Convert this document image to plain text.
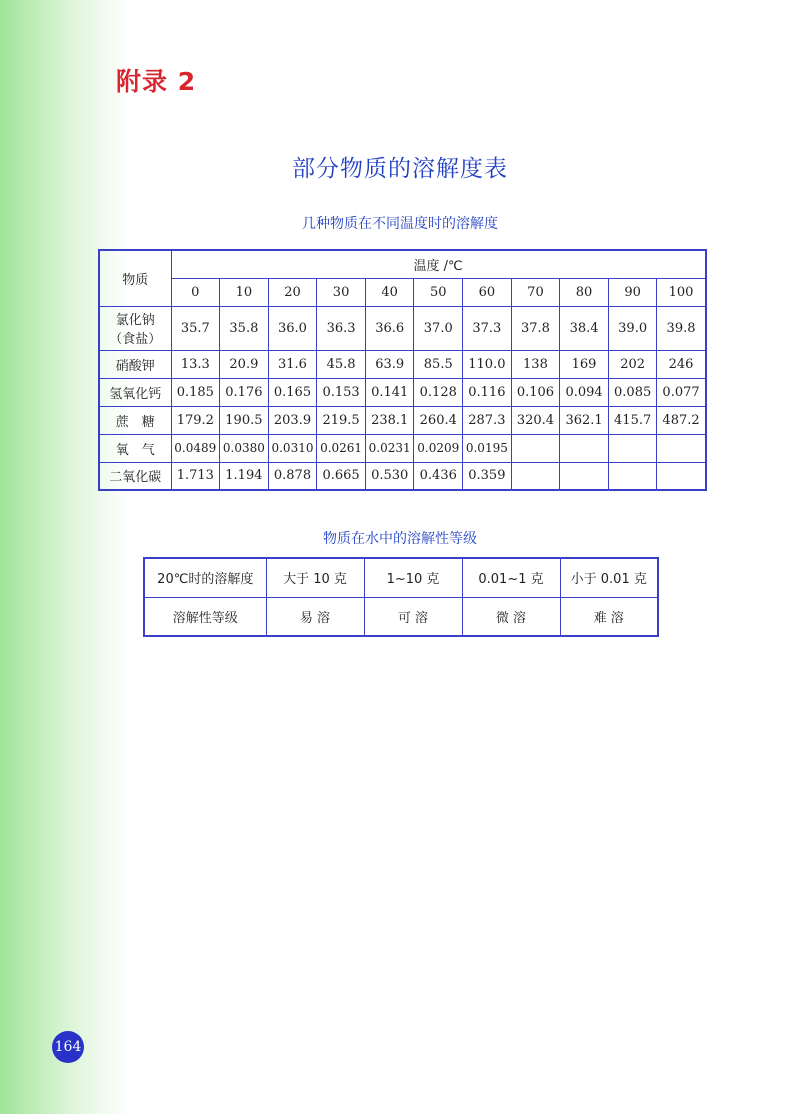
附录 2
部分物质的溶解度表
几种物质在不同温度时的溶解度
物质	温度 /℃										
	0	10	20	30	40	50	60	70	80	90	100

氯化钠
（食盐）	35.7	35.8	36.0	36.3	36.6	37.0	37.3	37.8	38.4	39.0	39.8

硝酸钾	13.3	20.9	31.6	45.8	63.9	85.5	110.0	138	169	202	246

氢氧化钙	0.185	0.176	0.165	0.153	0.141	0.128	0.116	0.106	0.094	0.085	0.077

蔗　糖	179.2	190.5	203.9	219.5	238.1	260.4	287.3	320.4	362.1	415.7	487.2

氧　气	0.0489	0.0380	0.0310	0.0261	0.0231	0.0209	0.0195				

二氧化碳	1.713	1.194	0.878	0.665	0.530	0.436	0.359				
物质在水中的溶解性等级
20℃时的溶解度	大于 10 克	1~10 克	0.01~1 克	小于 0.01 克
溶解性等级	易 溶	可 溶	微 溶	难 溶
164
